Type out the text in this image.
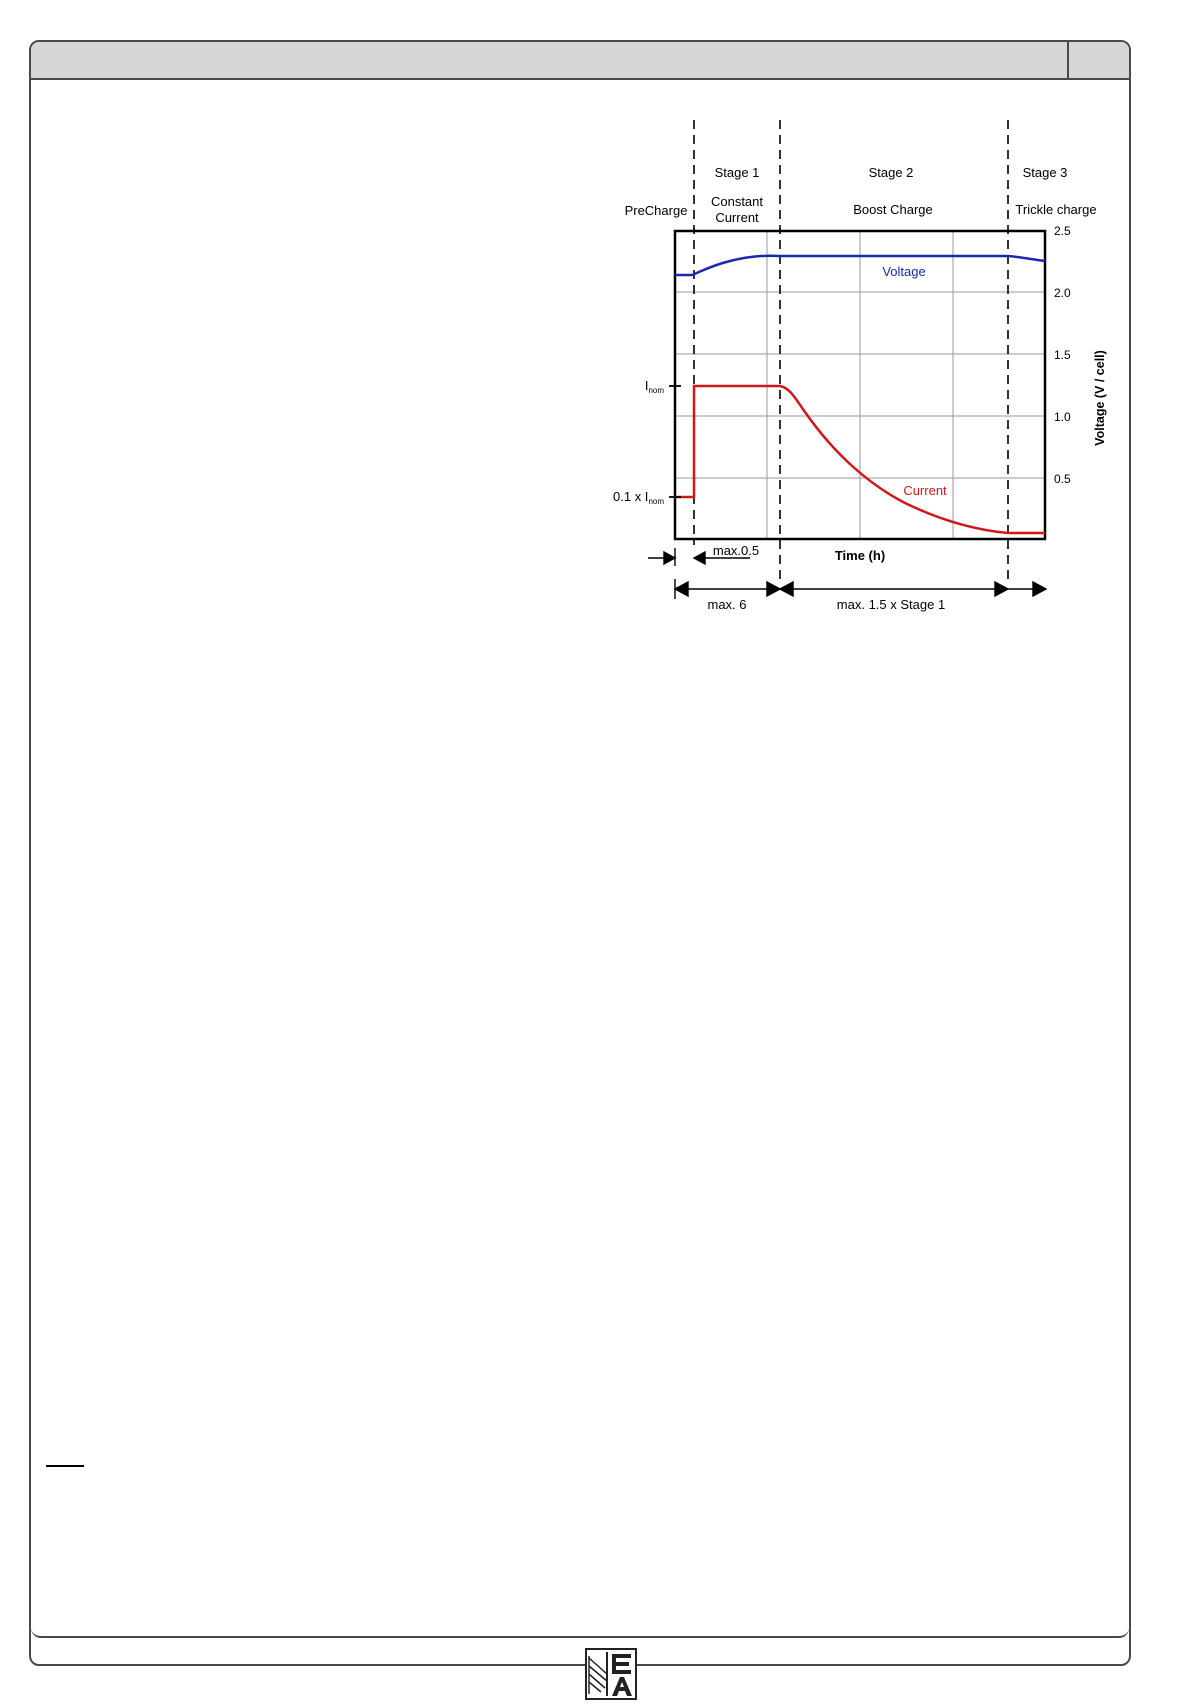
Stage 1	Stage 2	Stage 3
PreCharge
Constant
Current
Boost Charge	Trickle charge
2.5
2.0
1.5
1.0
0.5
Voltage (V / cell)
Time (h)
Voltage
Current
$I_{nom}$
0.1 x $I_{nom}$
max.0.5
max. 6	max. 1.5 x Stage 1
